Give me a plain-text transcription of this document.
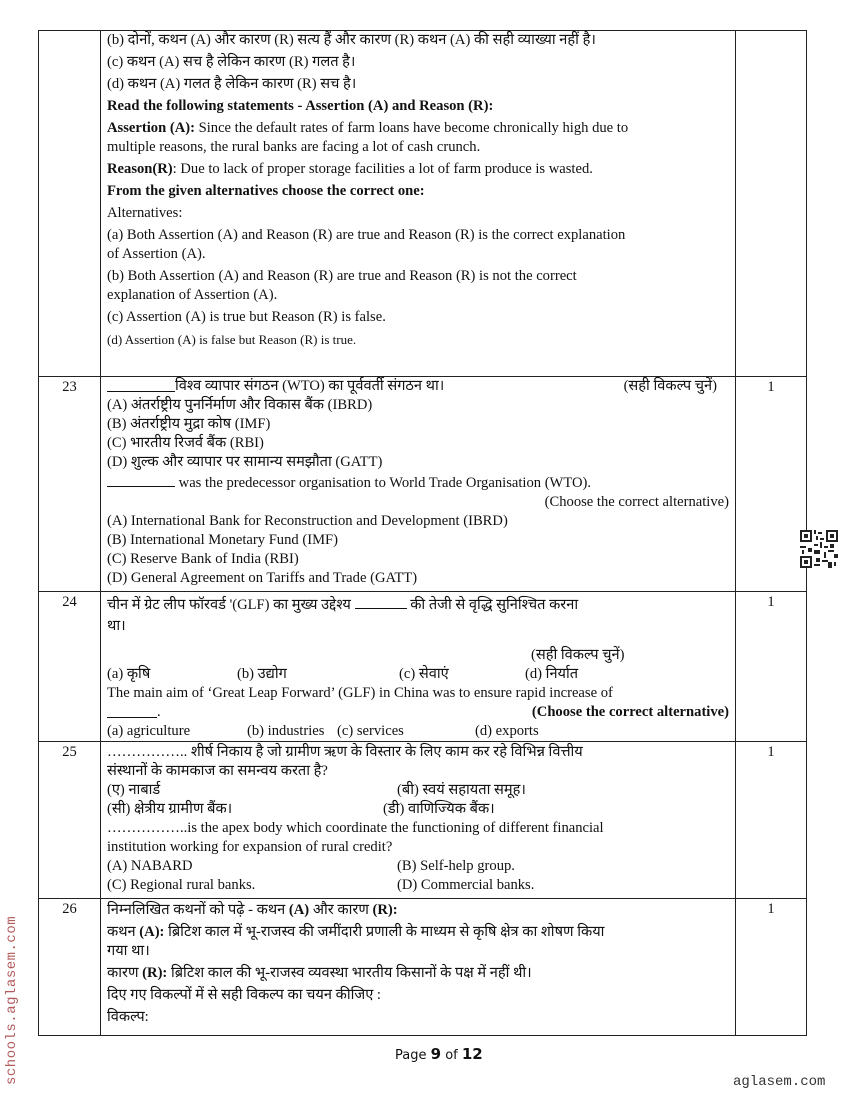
(b) दोनों, कथन (A) और कारण (R) सत्य हैं और कारण (R) कथन (A) की सही व्याख्या नहीं है।
(c) कथन (A) सच है लेकिन कारण (R) गलत है।
(d) कथन (A) गलत है लेकिन कारण (R) सच है।
Read the following statements - Assertion (A) and Reason (R):
Assertion (A): Since the default rates of farm loans have become chronically high due to
multiple reasons, the rural banks are facing a lot of cash crunch.
Reason(R): Due to lack of proper storage facilities a lot of farm produce is wasted.
From the given alternatives choose the correct one:
Alternatives:
(a) Both Assertion (A) and Reason (R) are true and Reason (R) is the correct explanation
of Assertion (A).
(b) Both Assertion (A) and Reason (R) are true and Reason (R) is not the correct
explanation of Assertion (A).
(c) Assertion (A) is true but Reason (R) is false.
(d) Assertion (A) is false but Reason (R) is true.

23	विश्व व्यापार संगठन (WTO) का पूर्ववर्ती संगठन था।	(सही विकल्प चुनें)
(A) अंतर्राष्ट्रीय पुनर्निर्माण और विकास बैंक (IBRD)
(B) अंतर्राष्ट्रीय मुद्रा कोष (IMF)
(C) भारतीय रिजर्व बैंक (RBI)
(D) शुल्क और व्यापार पर सामान्य समझौता (GATT)
was the predecessor organisation to World Trade Organisation (WTO).
(Choose the correct alternative)
(A) International Bank for Reconstruction and Development (IBRD)
(B) International Monetary Fund (IMF)
(C) Reserve Bank of India (RBI)
(D) General Agreement on Tariffs and Trade (GATT)
	1
24	चीन में ग्रेट लीप फॉरवर्ड '(GLF) का मुख्य उद्देश्य	की तेजी से वृद्धि सुनिश्चित करना
था।
(सही विकल्प चुनें)
(a) कृषि	(b) उद्योग	(c) सेवाएं	(d) निर्यात
The main aim of ‘Great Leap Forward’ (GLF) in China was to ensure rapid increase of
.	(Choose the correct alternative)
(a) agriculture	(b) industries (c) services	(d) exports
	1
25	…………….. शीर्ष निकाय है जो ग्रामीण ऋण के विस्तार के लिए काम कर रहे विभिन्न वित्तीय
संस्थानों के कामकाज का समन्वय करता है?
(ए) नाबार्ड	(बी) स्वयं सहायता समूह।
(सी) क्षेत्रीय ग्रामीण बैंक।	(डी) वाणिज्यिक बैंक।
……………..is the apex body which coordinate the functioning of different financial
institution working for expansion of rural credit?
(A) NABARD	(B) Self-help group.
(C) Regional rural banks.	(D) Commercial banks.
	1
26	निम्नलिखित कथनों को पढ़े - कथन (A) और कारण (R):
कथन (A): ब्रिटिश काल में भू-राजस्व की जमींदारी प्रणाली के माध्यम से कृषि क्षेत्र का शोषण किया
गया था।
कारण (R): ब्रिटिश काल की भू-राजस्व व्यवस्था भारतीय किसानों के पक्ष में नहीं थी।
दिए गए विकल्पों में से सही विकल्प का चयन कीजिए :
विकल्प:
	1
Page 9 of 12
schools.aglasem.com	aglasem.com
